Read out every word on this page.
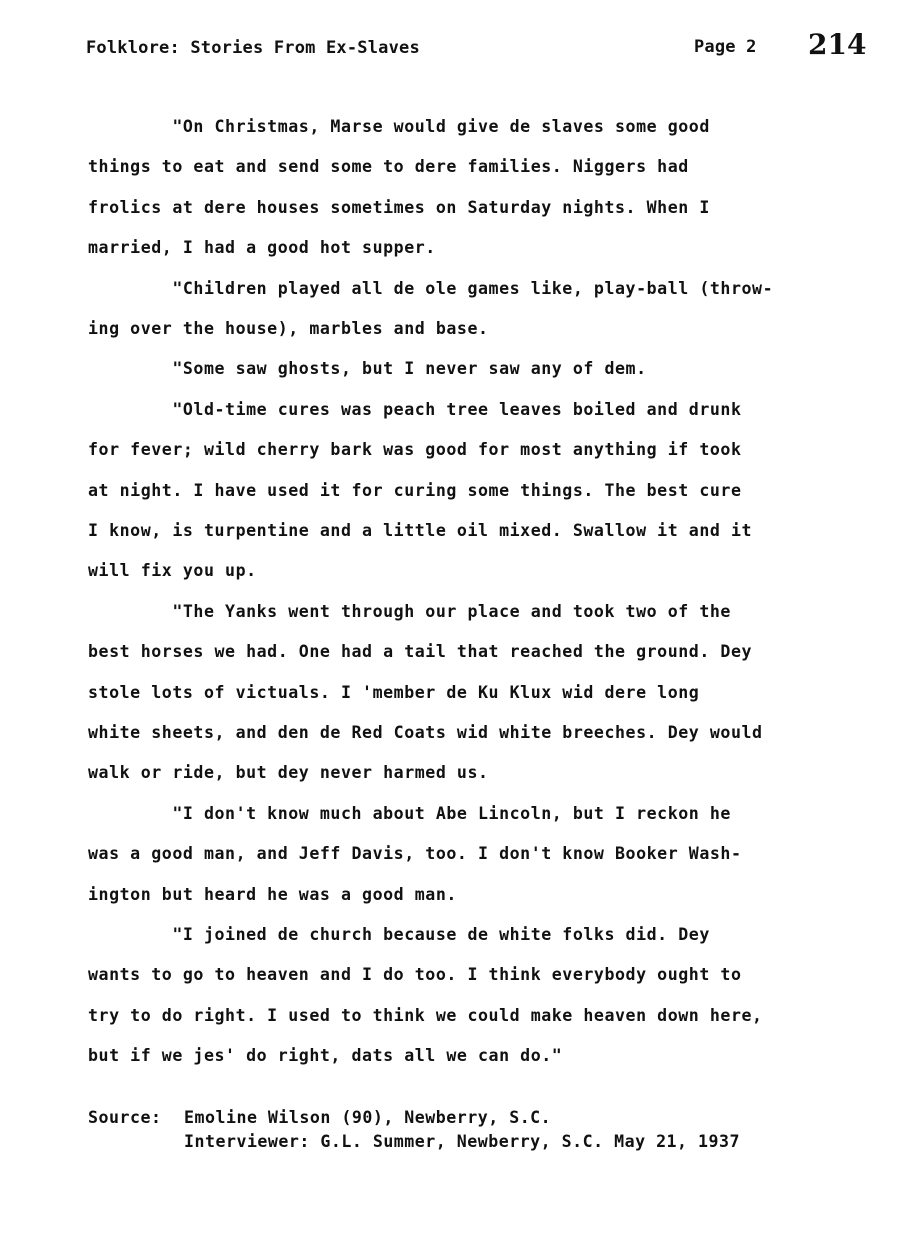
Folklore: Stories From Ex-Slaves	Page 2 214
"On Christmas, Marse would give de slaves some good
things to eat and send some to dere families. Niggers had
frolics at dere houses sometimes on Saturday nights. When I
married, I had a good hot supper.
"Children played all de ole games like, play-ball (throw-
ing over the house), marbles and base.
"Some saw ghosts, but I never saw any of dem.
"Old-time cures was peach tree leaves boiled and drunk
for fever; wild cherry bark was good for most anything if took
at night. I have used it for curing some things. The best cure
I know, is turpentine and a little oil mixed. Swallow it and it
will fix you up.
"The Yanks went through our place and took two of the
best horses we had. One had a tail that reached the ground. Dey
stole lots of victuals. I 'member de Ku Klux wid dere long
white sheets, and den de Red Coats wid white breeches. Dey would
walk or ride, but dey never harmed us.
"I don't know much about Abe Lincoln, but I reckon he
was a good man, and Jeff Davis, too. I don't know Booker Wash-
ington but heard he was a good man.
"I joined de church because de white folks did. Dey
wants to go to heaven and I do too. I think everybody ought to
try to do right. I used to think we could make heaven down here,
but if we jes' do right, dats all we can do."
Source: Emoline Wilson (90), Newberry, S.C.
Interviewer: G.L. Summer, Newberry, S.C. May 21, 1937
